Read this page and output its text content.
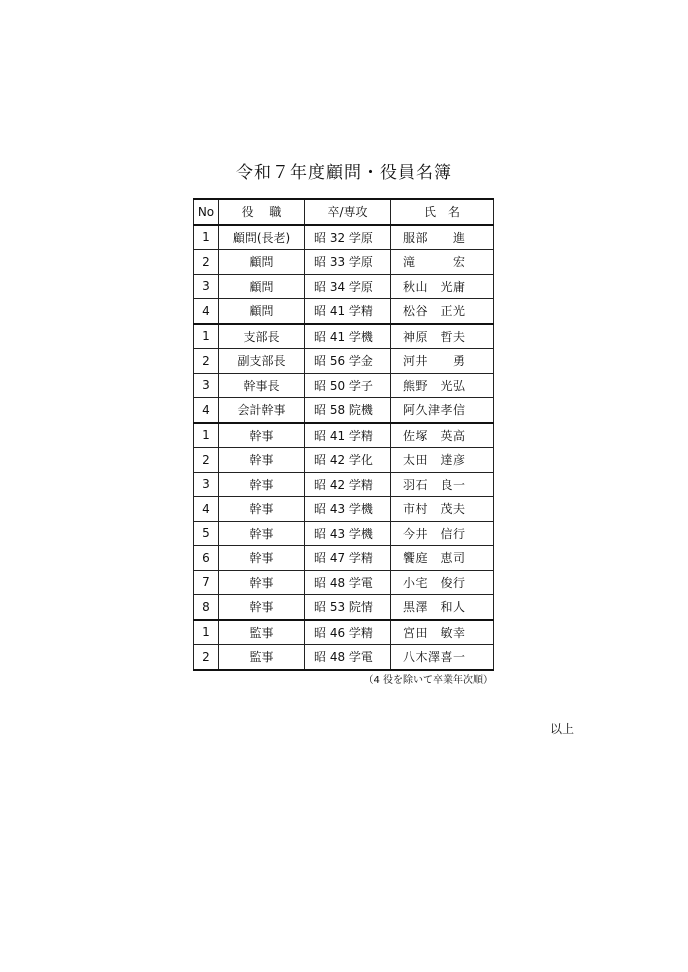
令和７年度顧問・役員名簿
No	役　 職	卒/専攻	氏　名
1	顧問(長老)	昭 32 学原	服部　　進
2	顧問	昭 33 学原	滝　　　宏
3	顧問	昭 34 学原	秋山　光庸
4	顧問	昭 41 学精	松谷　正光
1	支部長	昭 41 学機	神原　哲夫
2	副支部長	昭 56 学金	河井　　勇
3	幹事長	昭 50 学子	熊野　光弘
4	会計幹事	昭 58 院機	阿久津孝信
1	幹事	昭 41 学精	佐塚　英高
2	幹事	昭 42 学化	太田　達彦
3	幹事	昭 42 学精	羽石　良一
4	幹事	昭 43 学機	市村　茂夫
5	幹事	昭 43 学機	今井　信行
6	幹事	昭 47 学精	饗庭　恵司
7	幹事	昭 48 学電	小宅　俊行
8	幹事	昭 53 院情	黒澤　和人
1	監事	昭 46 学精	宮田　敏幸
2	監事	昭 48 学電	八木澤喜一
（4 役を除いて卒業年次順）
以上
